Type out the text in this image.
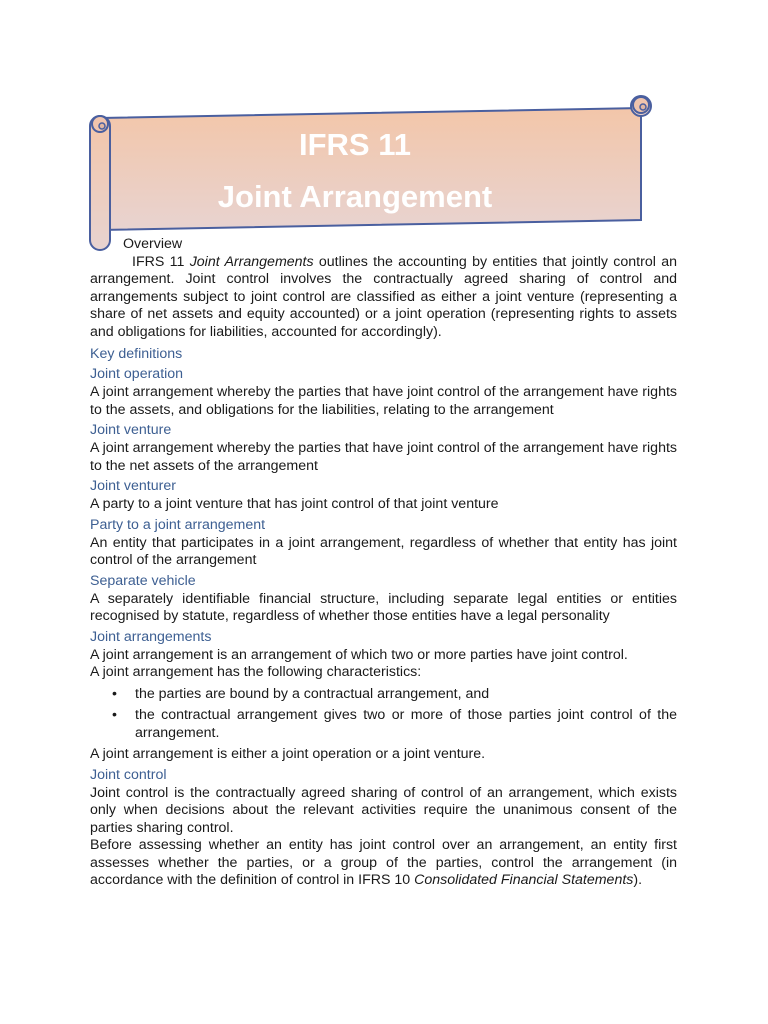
IFRS 11
Joint Arrangement
Overview

IFRS 11 Joint Arrangements outlines the accounting by entities that jointly control an arrangement. Joint control involves the contractually agreed sharing of control and arrangements subject to joint control are classified as either a joint venture (representing a share of net assets and equity accounted) or a joint operation (representing rights to assets and obligations for liabilities, accounted for accordingly).

Key definitions
Joint operation

A joint arrangement whereby the parties that have joint control of the arrangement have rights to the assets, and obligations for the liabilities, relating to the arrangement

Joint venture

A joint arrangement whereby the parties that have joint control of the arrangement have rights to the net assets of the arrangement

Joint venturer

A party to a joint venture that has joint control of that joint venture

Party to a joint arrangement

An entity that participates in a joint arrangement, regardless of whether that entity has joint control of the arrangement

Separate vehicle

A separately identifiable financial structure, including separate legal entities or entities recognised by statute, regardless of whether those entities have a legal personality

Joint arrangements

A joint arrangement is an arrangement of which two or more parties have joint control.

A joint arrangement has the following characteristics:

• the parties are bound by a contractual arrangement, and
• the contractual arrangement gives two or more of those parties joint control of the arrangement.

A joint arrangement is either a joint operation or a joint venture.

Joint control

Joint control is the contractually agreed sharing of control of an arrangement, which exists only when decisions about the relevant activities require the unanimous consent of the parties sharing control.

Before assessing whether an entity has joint control over an arrangement, an entity first assesses whether the parties, or a group of the parties, control the arrangement (in accordance with the definition of control in IFRS 10 Consolidated Financial Statements).
